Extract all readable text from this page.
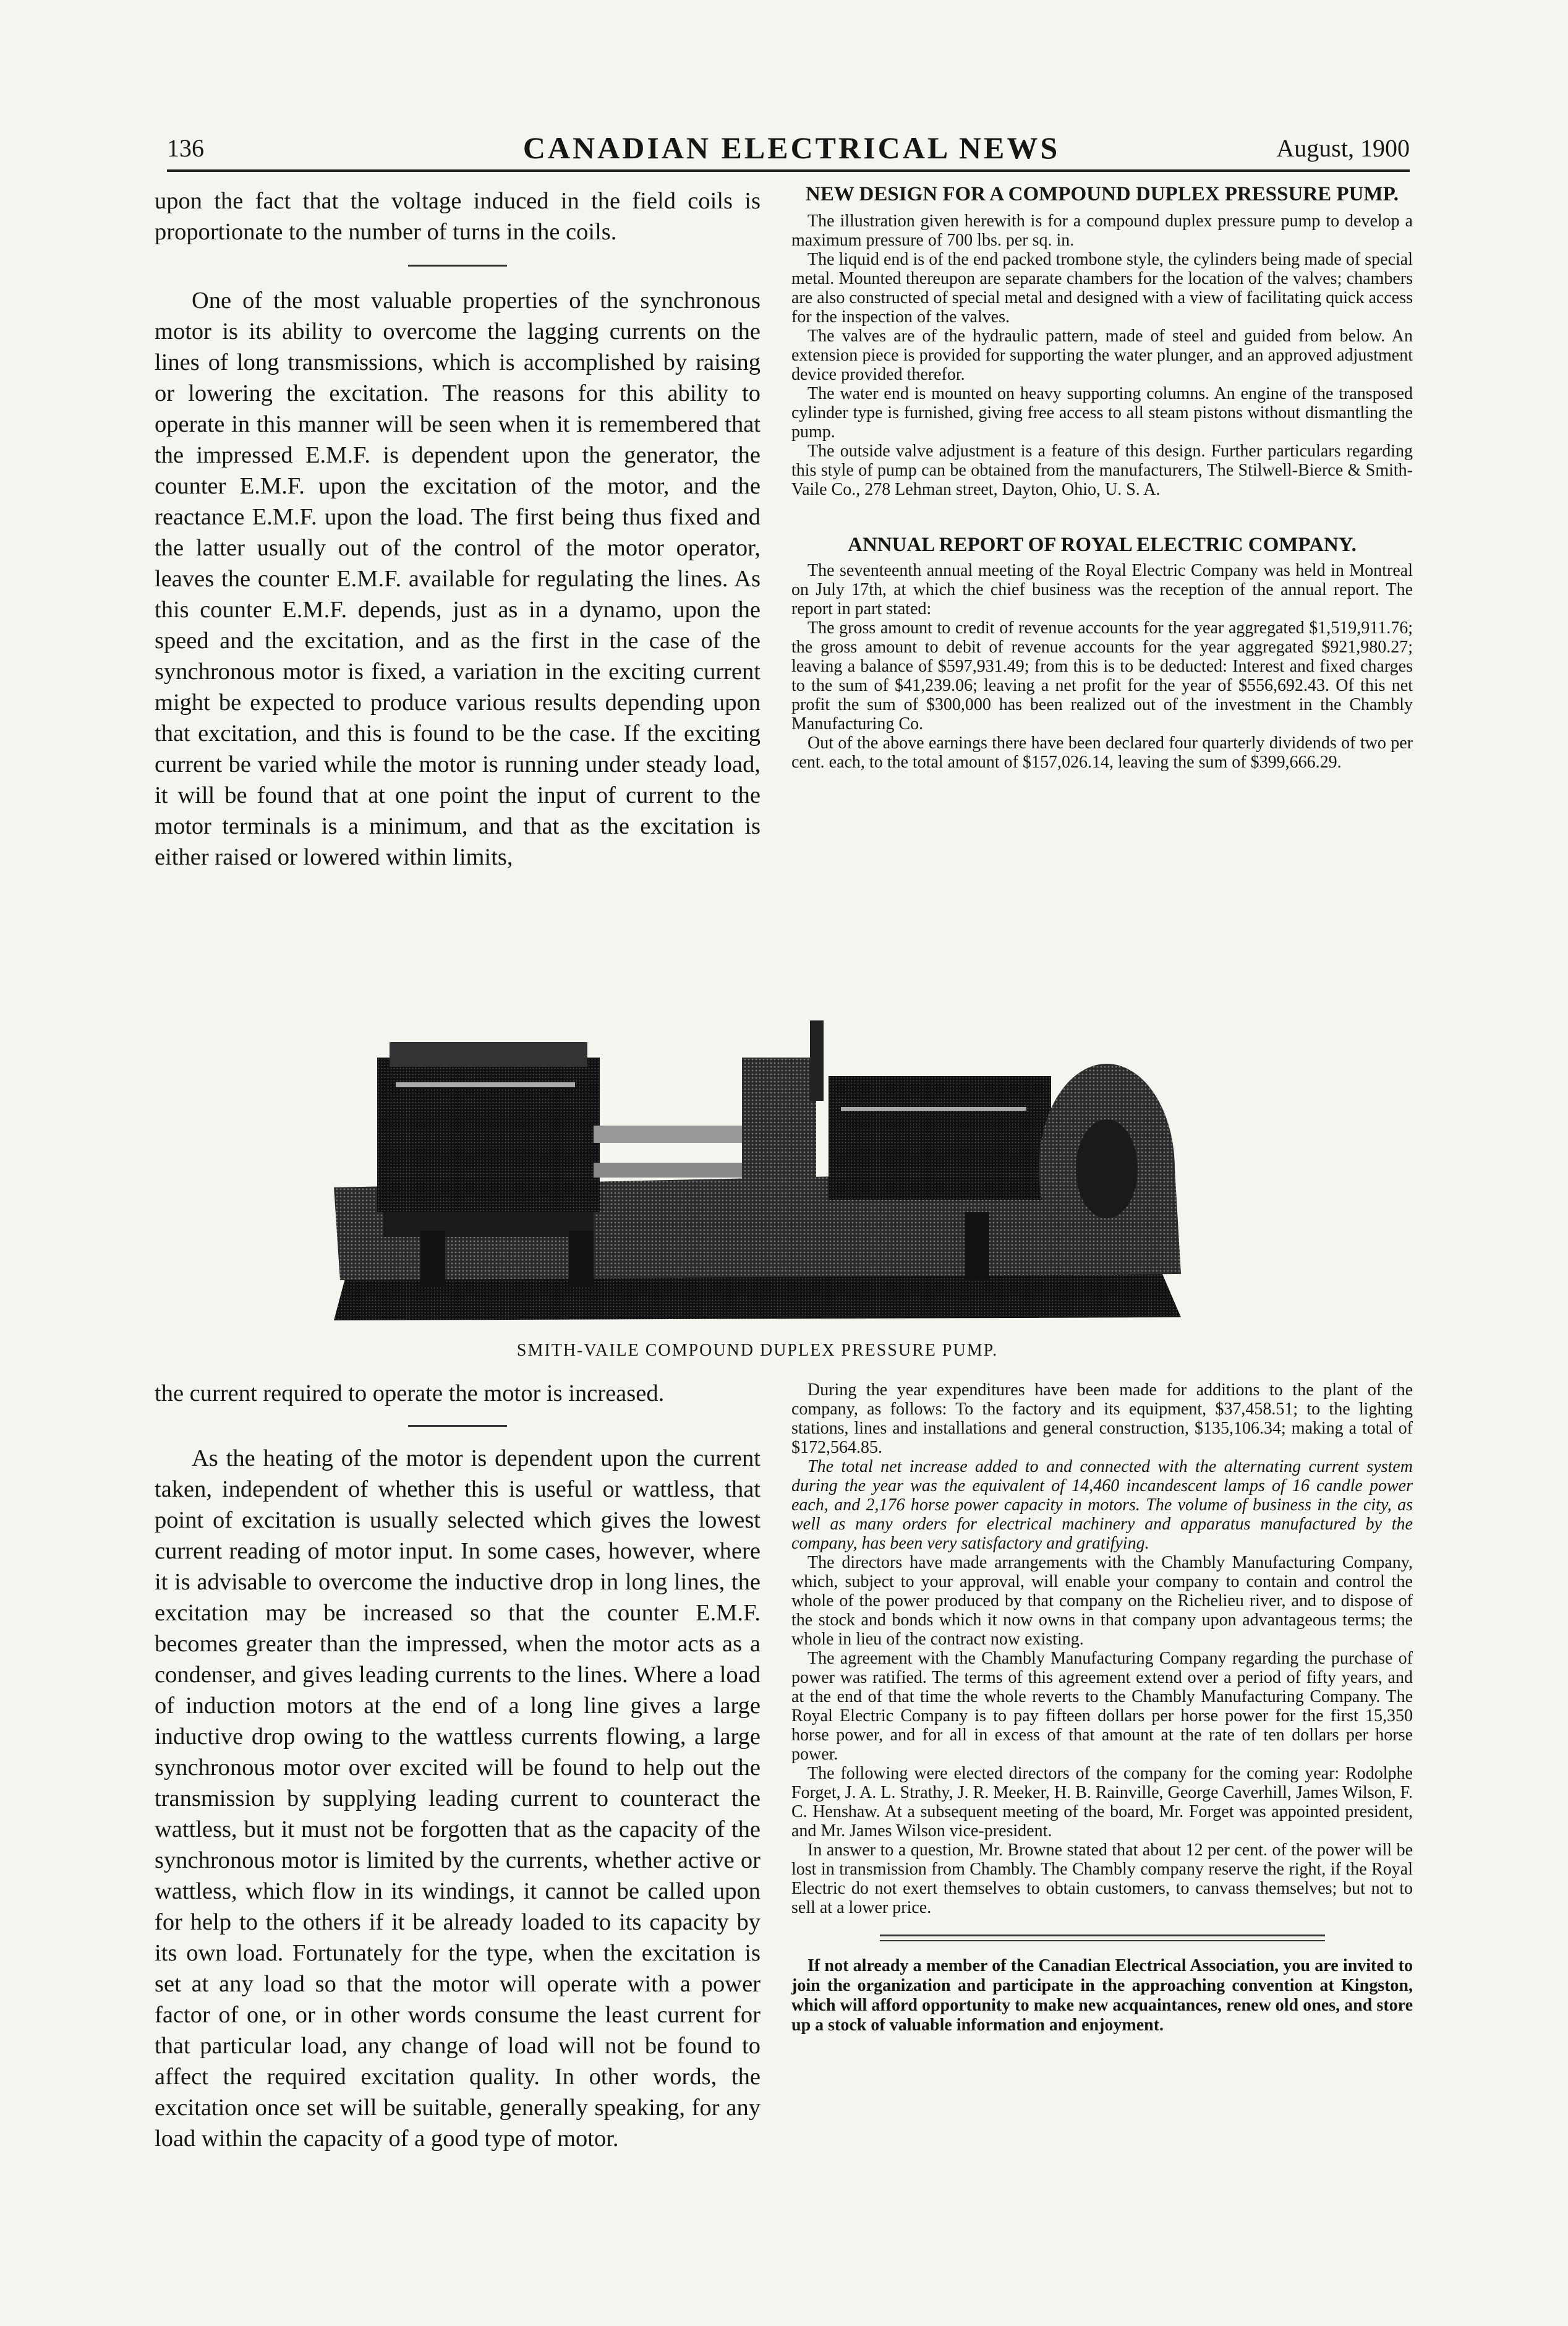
136	CANADIAN ELECTRICAL NEWS	August, 1900

upon the fact that the voltage induced in the field coils is proportionate to the number of turns in the coils.

One of the most valuable properties of the synchronous motor is its ability to overcome the lagging currents on the lines of long transmissions, which is accomplished by raising or lowering the excitation. The reasons for this ability to operate in this manner will be seen when it is remembered that the impressed E.M.F. is dependent upon the generator, the counter E.M.F. upon the excitation of the motor, and the reactance E.M.F. upon the load. The first being thus fixed and the latter usually out of the control of the motor operator, leaves the counter E.M.F. available for regulating the lines. As this counter E.M.F. depends, just as in a dynamo, upon the speed and the excitation, and as the first in the case of the synchronous motor is fixed, a variation in the exciting current might be expected to produce various results depending upon that excitation, and this is found to be the case. If the exciting current be varied while the motor is running under steady load, it will be found that at one point the input of current to the motor terminals is a minimum, and that as the excitation is either raised or lowered within limits,

NEW DESIGN FOR A COMPOUND DUPLEX PRESSURE PUMP.

The illustration given herewith is for a compound duplex pressure pump to develop a maximum pressure of 700 lbs. per sq. in.

The liquid end is of the end packed trombone style, the cylinders being made of special metal. Mounted thereupon are separate chambers for the location of the valves; chambers are also constructed of special metal and designed with a view of facilitating quick access for the inspection of the valves.

The valves are of the hydraulic pattern, made of steel and guided from below. An extension piece is provided for supporting the water plunger, and an approved adjustment device provided therefor.

The water end is mounted on heavy supporting columns. An engine of the transposed cylinder type is furnished, giving free access to all steam pistons without dismantling the pump.

The outside valve adjustment is a feature of this design. Further particulars regarding this style of pump can be obtained from the manufacturers, The Stilwell-Bierce & Smith-Vaile Co., 278 Lehman street, Dayton, Ohio, U. S. A.

ANNUAL REPORT OF ROYAL ELECTRIC COMPANY.

The seventeenth annual meeting of the Royal Electric Company was held in Montreal on July 17th, at which the chief business was the reception of the annual report. The report in part stated:

The gross amount to credit of revenue accounts for the year aggregated $1,519,911.76; the gross amount to debit of revenue accounts for the year aggregated $921,980.27; leaving a balance of $597,931.49; from this is to be deducted: Interest and fixed charges to the sum of $41,239.06; leaving a net profit for the year of $556,692.43. Of this net profit the sum of $300,000 has been realized out of the investment in the Chambly Manufacturing Co.

Out of the above earnings there have been declared four quarterly dividends of two per cent. each, to the total amount of $157,026.14, leaving the sum of $399,666.29.

SMITH-VAILE COMPOUND DUPLEX PRESSURE PUMP.

the current required to operate the motor is increased.

As the heating of the motor is dependent upon the current taken, independent of whether this is useful or wattless, that point of excitation is usually selected which gives the lowest current reading of motor input. In some cases, however, where it is advisable to overcome the inductive drop in long lines, the excitation may be increased so that the counter E.M.F. becomes greater than the impressed, when the motor acts as a condenser, and gives leading currents to the lines. Where a load of induction motors at the end of a long line gives a large inductive drop owing to the wattless currents flowing, a large synchronous motor over excited will be found to help out the transmission by supplying leading current to counteract the wattless, but it must not be forgotten that as the capacity of the synchronous motor is limited by the currents, whether active or wattless, which flow in its windings, it cannot be called upon for help to the others if it be already loaded to its capacity by its own load. Fortunately for the type, when the excitation is set at any load so that the motor will operate with a power factor of one, or in other words consume the least current for that particular load, any change of load will not be found to affect the required excitation quality. In other words, the excitation once set will be suitable, generally speaking, for any load within the capacity of a good type of motor.

During the year expenditures have been made for additions to the plant of the company, as follows: To the factory and its equipment, $37,458.51; to the lighting stations, lines and installations and general construction, $135,106.34; making a total of $172,564.85.

The total net increase added to and connected with the alternating current system during the year was the equivalent of 14,460 incandescent lamps of 16 candle power each, and 2,176 horse power capacity in motors. The volume of business in the city, as well as many orders for electrical machinery and apparatus manufactured by the company, has been very satisfactory and gratifying.

The directors have made arrangements with the Chambly Manufacturing Company, which, subject to your approval, will enable your company to contain and control the whole of the power produced by that company on the Richelieu river, and to dispose of the stock and bonds which it now owns in that company upon advantageous terms; the whole in lieu of the contract now existing.

The agreement with the Chambly Manufacturing Company regarding the purchase of power was ratified. The terms of this agreement extend over a period of fifty years, and at the end of that time the whole reverts to the Chambly Manufacturing Company. The Royal Electric Company is to pay fifteen dollars per horse power for the first 15,350 horse power, and for all in excess of that amount at the rate of ten dollars per horse power.

The following were elected directors of the company for the coming year: Rodolphe Forget, J. A. L. Strathy, J. R. Meeker, H. B. Rainville, George Caverhill, James Wilson, F. C. Henshaw. At a subsequent meeting of the board, Mr. Forget was appointed president, and Mr. James Wilson vice-president.

In answer to a question, Mr. Browne stated that about 12 per cent. of the power will be lost in transmission from Chambly. The Chambly company reserve the right, if the Royal Electric do not exert themselves to obtain customers, to canvass themselves; but not to sell at a lower price.

If not already a member of the Canadian Electrical Association, you are invited to join the organization and participate in the approaching convention at Kingston, which will afford opportunity to make new acquaintances, renew old ones, and store up a stock of valuable information and enjoyment.
